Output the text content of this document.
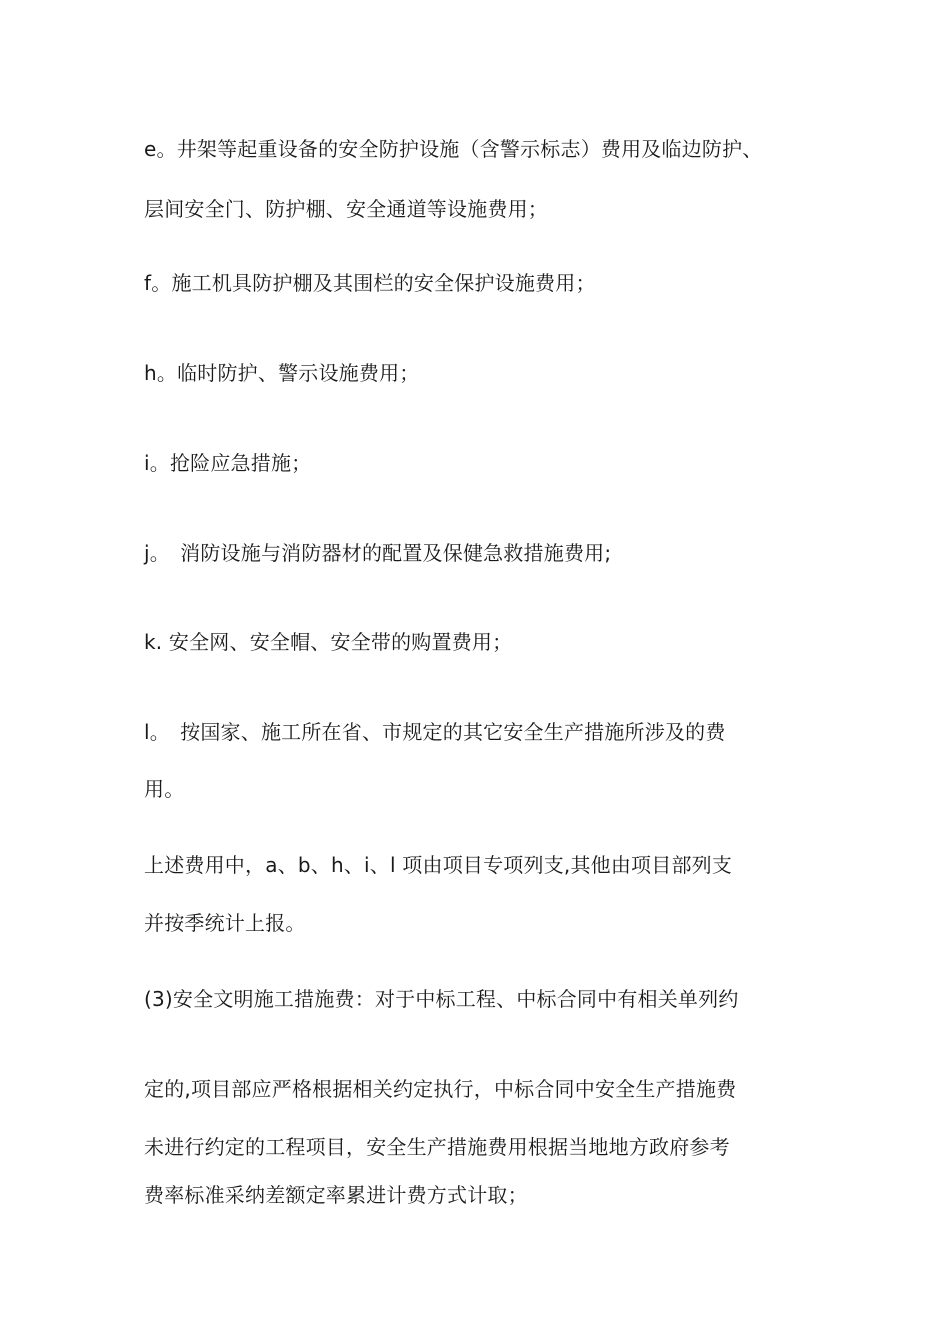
e。井架等起重设备的安全防护设施（含警示标志）费用及临边防护、
层间安全门、防护棚、安全通道等设施费用；
f。施工机具防护棚及其围栏的安全保护设施费用；
h。临时防护、警示设施费用；
i。抢险应急措施；
j。　消防设施与消防器材的配置及保健急救措施费用;
k. 安全网、安全帽、安全带的购置费用；
l。　按国家、施工所在省、市规定的其它安全生产措施所涉及的费
用。
上述费用中，a、b、h、i、l 项由项目专项列支,其他由项目部列支
并按季统计上报。
(3)安全文明施工措施费：对于中标工程、中标合同中有相关单列约
定的,项目部应严格根据相关约定执行，中标合同中安全生产措施费
未进行约定的工程项目，安全生产措施费用根据当地地方政府参考
费率标准采纳差额定率累进计费方式计取；
